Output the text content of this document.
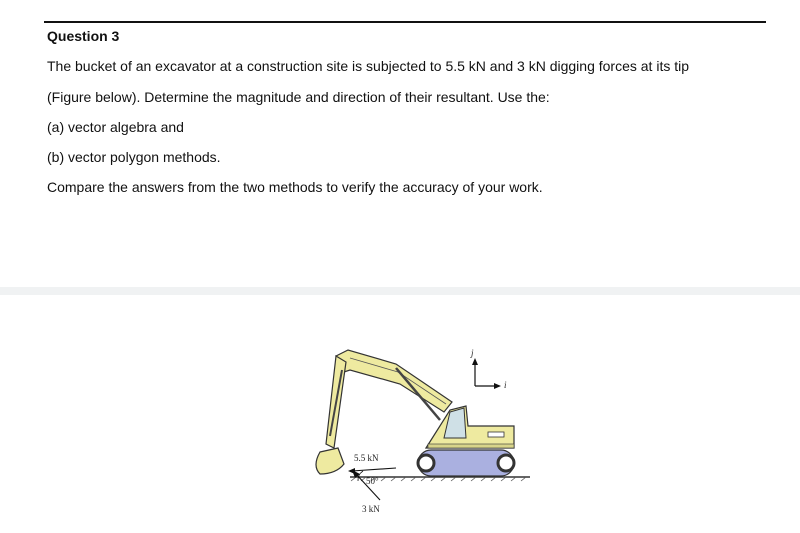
Question 3
The bucket of an excavator at a construction site is subjected to 5.5 kN and 3 kN digging forces at its tip
(Figure below). Determine the magnitude and direction of their resultant. Use the:
(a) vector algebra and
(b) vector polygon methods.
Compare the answers from the two methods to verify the accuracy of your work.
5.5 kN
50°
3 kN
j
i
